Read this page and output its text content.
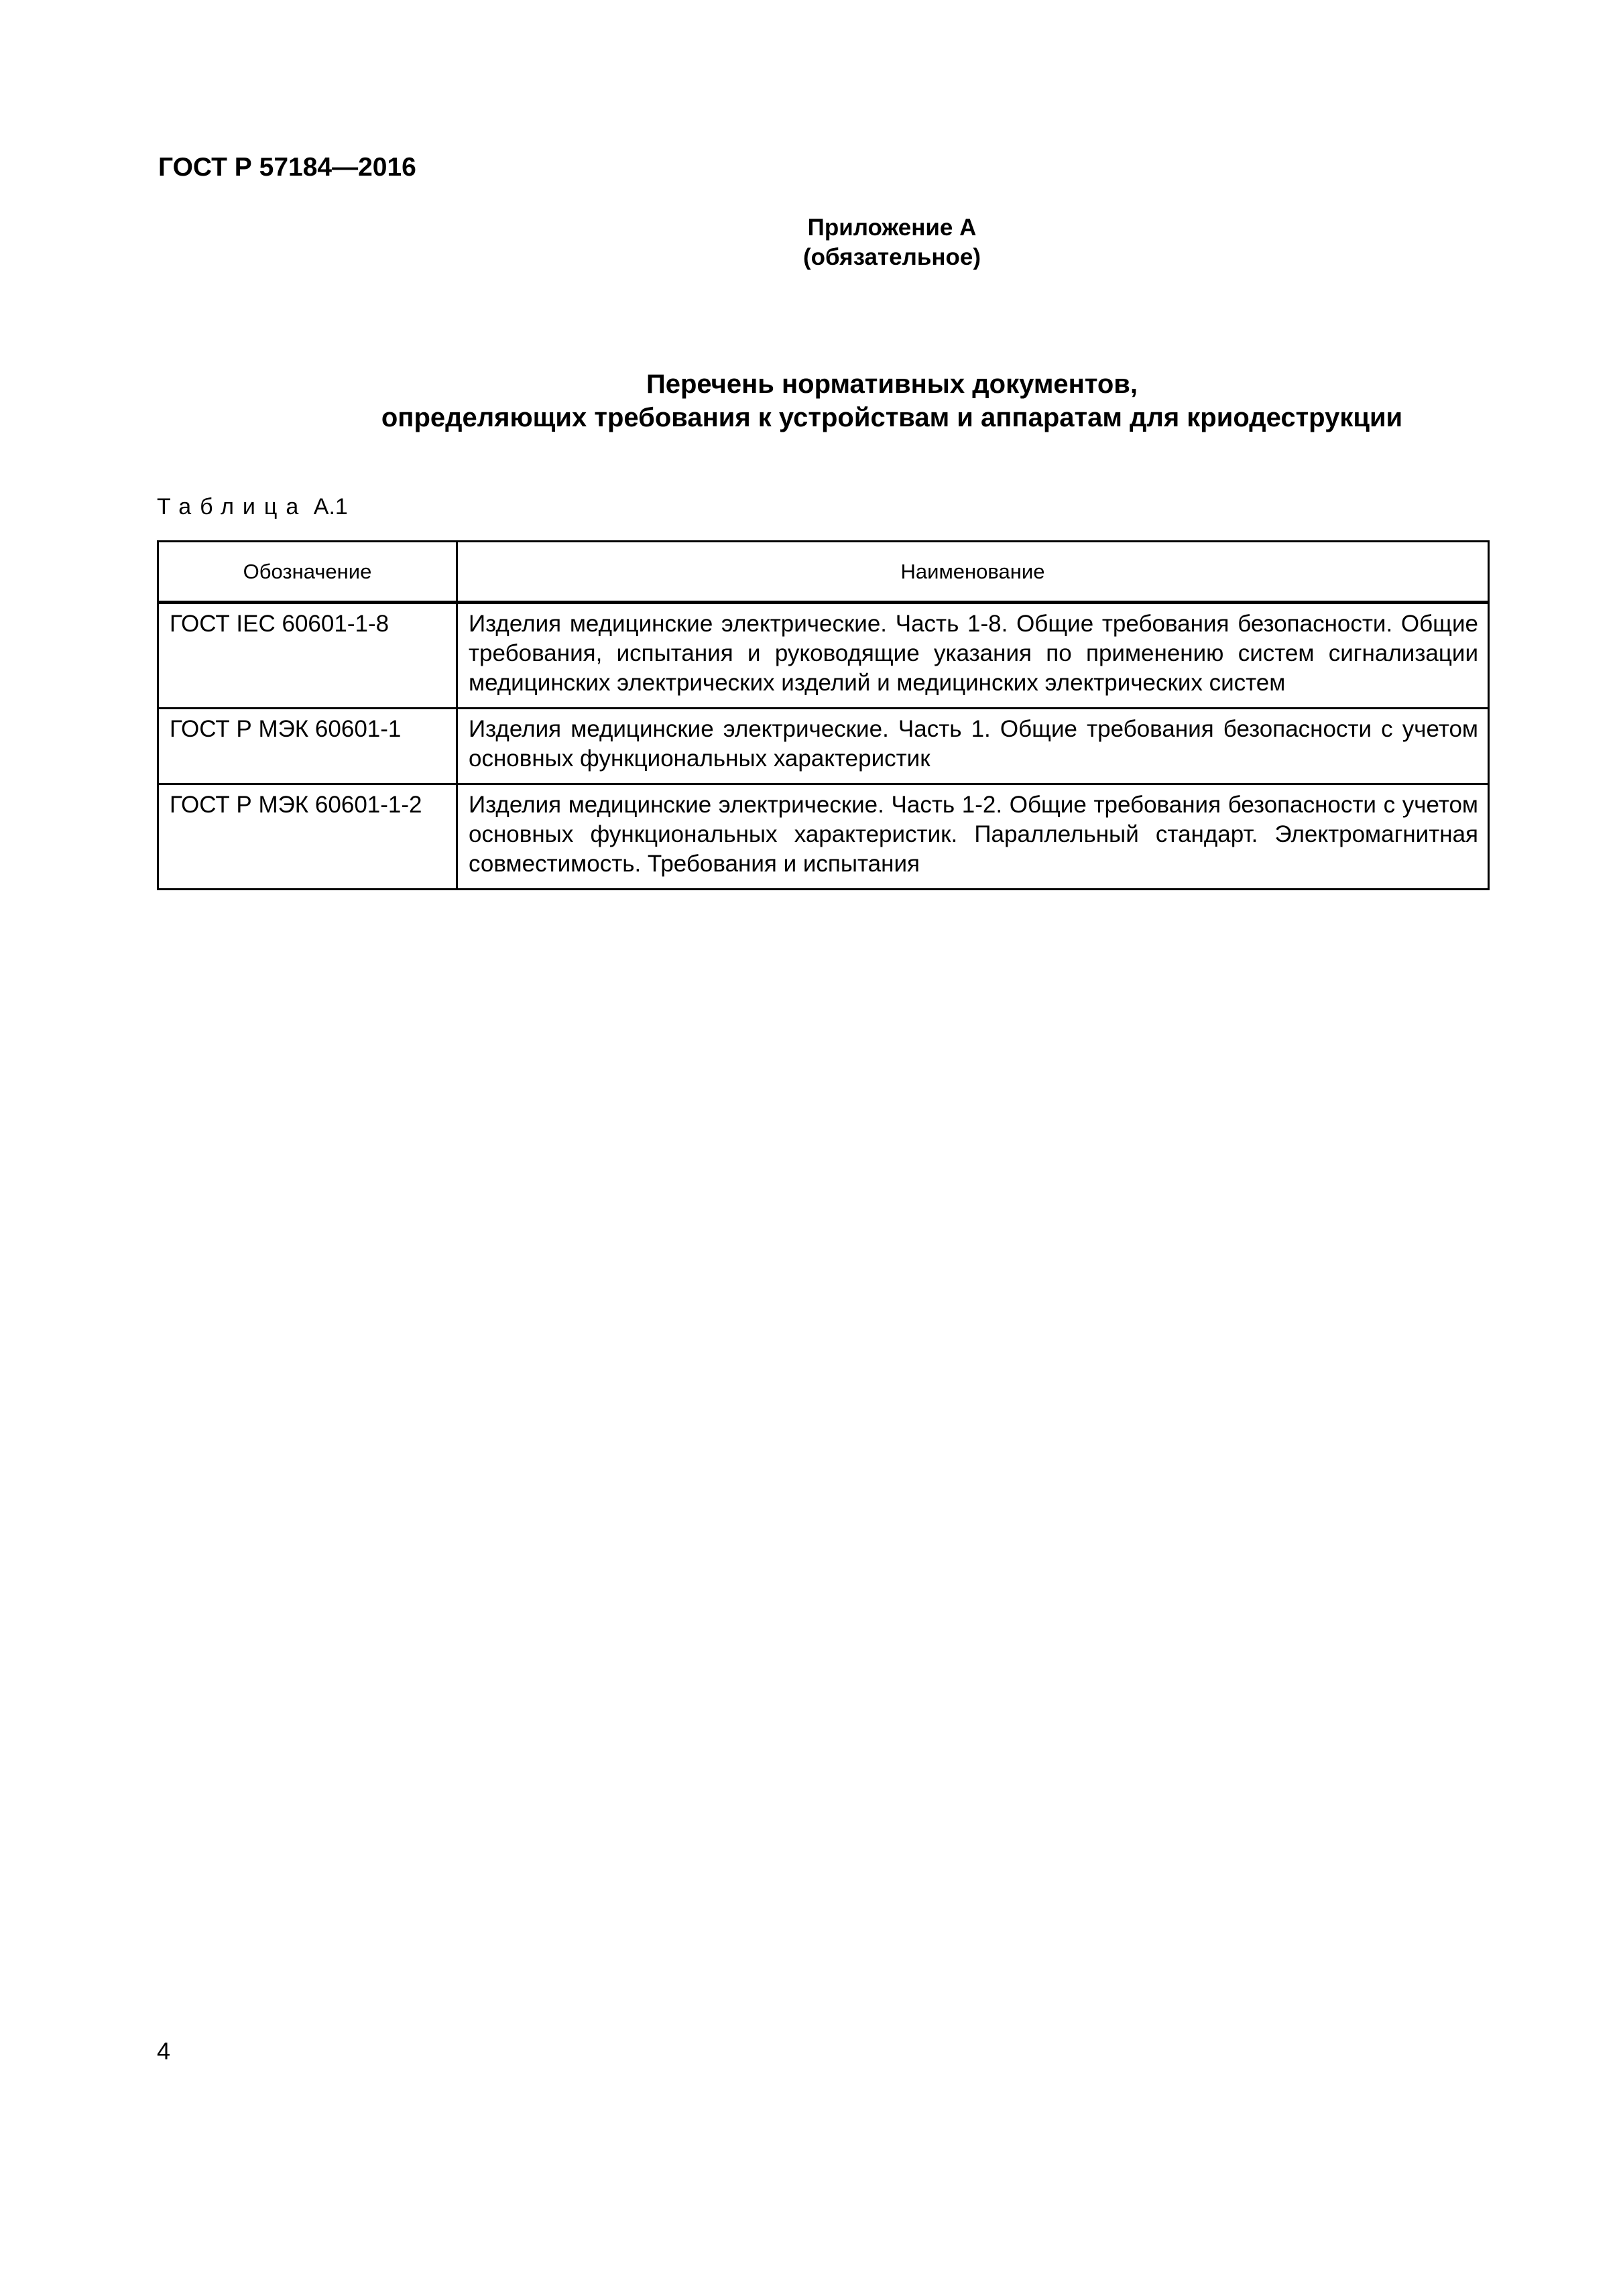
ГОСТ Р 57184—2016
Приложение А
(обязательное)
Перечень нормативных документов,
определяющих требования к устройствам и аппаратам для криодеструкции
Таблица А.1
Обозначение	Наименование
ГОСТ IEC 60601-1-8	Изделия медицинские электрические. Часть 1-8. Общие требования безопасности. Общие требования, испытания и руководящие указания по применению систем сигнализации медицинских электрических изделий и медицинских электрических систем
ГОСТ Р МЭК 60601-1	Изделия медицинские электрические. Часть 1. Общие требования безопасности с учетом основных функциональных характеристик
ГОСТ Р МЭК 60601-1-2	Изделия медицинские электрические. Часть 1-2. Общие требования безопасности с учетом основных функциональных характеристик. Параллельный стандарт. Электромагнитная совместимость. Требования и испытания
4
